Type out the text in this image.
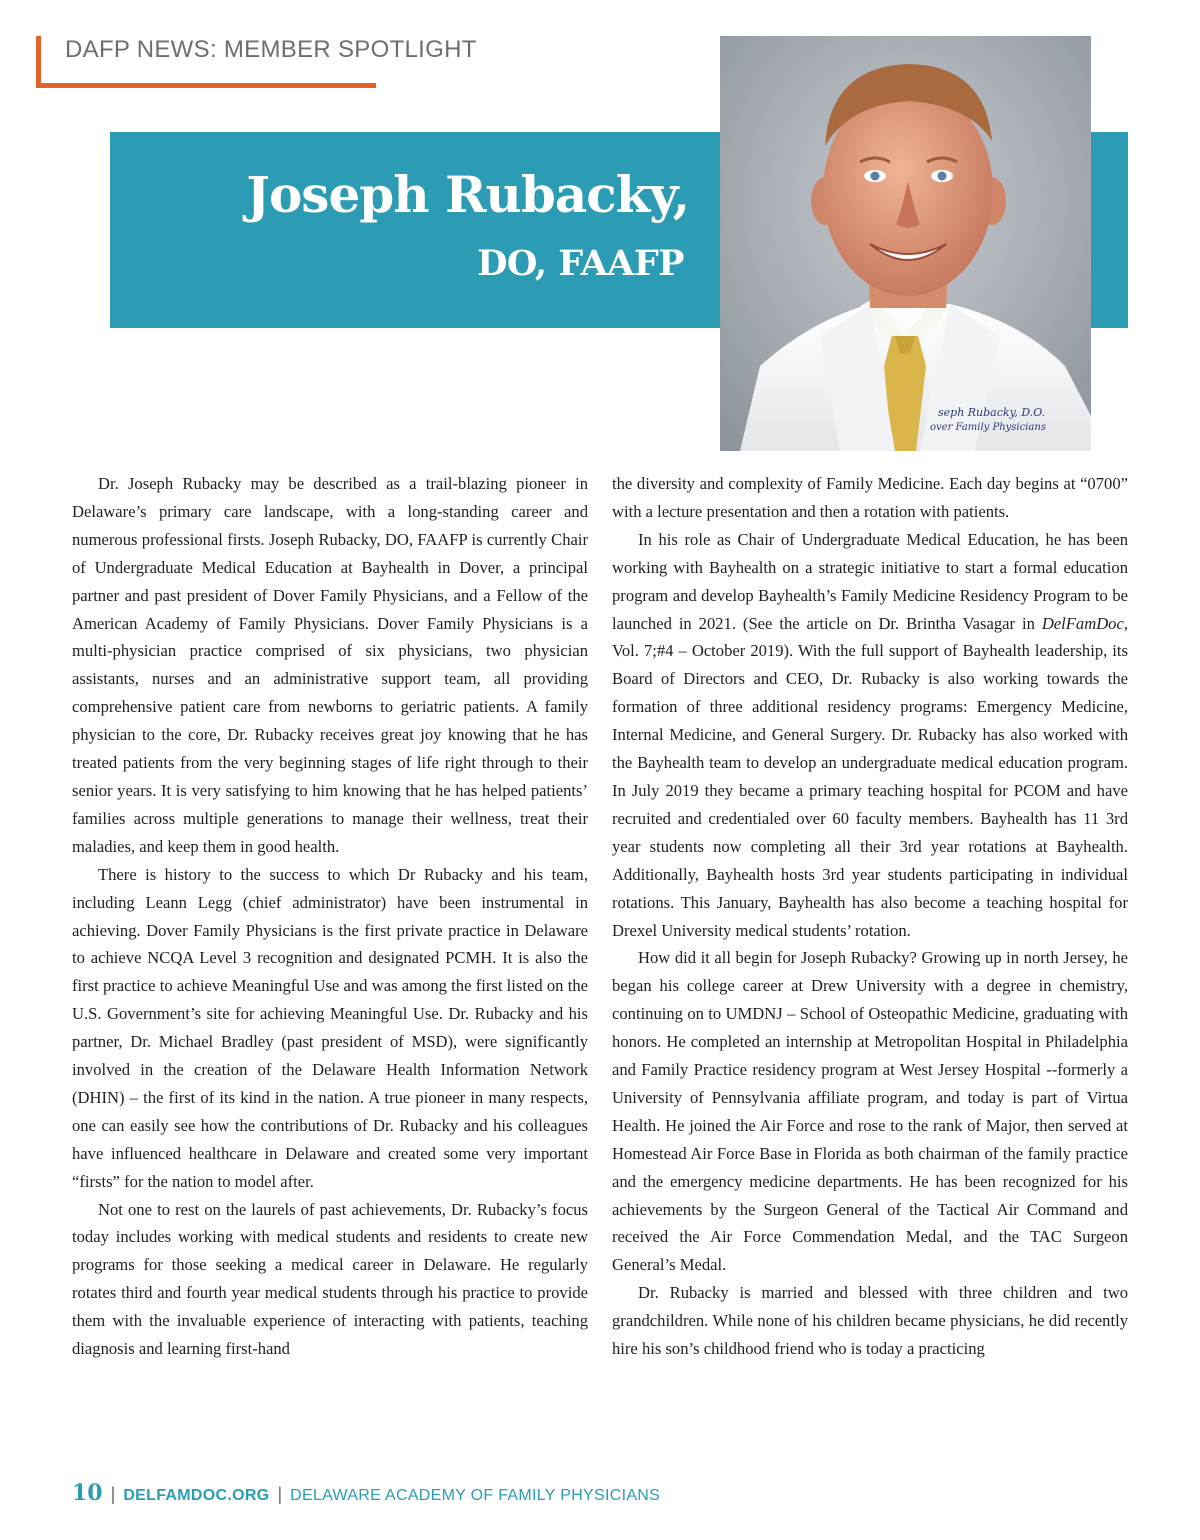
DAFP NEWS: MEMBER SPOTLIGHT
Joseph Rubacky,
DO, FAAFP
seph Rubacky, D.O.
over Family Physicians

Dr. Joseph Rubacky may be described as a trail-blazing pioneer in Delaware’s primary care landscape, with a long-standing career and numerous professional firsts. Joseph Rubacky, DO, FAAFP is currently Chair of Undergraduate Medical Education at Bayhealth in Dover, a principal partner and past president of Dover Family Physicians, and a Fellow of the American Academy of Family Physicians. Dover Family Physicians is a multi-physician practice comprised of six physicians, two physician assistants, nurses and an administrative support team, all providing comprehensive patient care from newborns to geriatric patients. A family physician to the core, Dr. Rubacky receives great joy knowing that he has treated patients from the very beginning stages of life right through to their senior years. It is very satisfying to him knowing that he has helped patients’ families across multiple generations to manage their wellness, treat their maladies, and keep them in good health.

There is history to the success to which Dr Rubacky and his team, including Leann Legg (chief administrator) have been instrumental in achieving. Dover Family Physicians is the first private practice in Delaware to achieve NCQA Level 3 recognition and designated PCMH. It is also the first practice to achieve Meaningful Use and was among the first listed on the U.S. Government’s site for achieving Meaningful Use. Dr. Rubacky and his partner, Dr. Michael Bradley (past president of MSD), were significantly involved in the creation of the Delaware Health Information Network (DHIN) – the first of its kind in the nation. A true pioneer in many respects, one can easily see how the contributions of Dr. Rubacky and his colleagues have influenced healthcare in Delaware and created some very important “firsts” for the nation to model after.

Not one to rest on the laurels of past achievements, Dr. Rubacky’s focus today includes working with medical students and residents to create new programs for those seeking a medical career in Delaware. He regularly rotates third and fourth year medical students through his practice to provide them with the invaluable experience of interacting with patients, teaching diagnosis and learning first-hand

the diversity and complexity of Family Medicine. Each day begins at “0700” with a lecture presentation and then a rotation with patients.

In his role as Chair of Undergraduate Medical Education, he has been working with Bayhealth on a strategic initiative to start a formal education program and develop Bayhealth’s Family Medicine Residency Program to be launched in 2021. (See the article on Dr. Brintha Vasagar in DelFamDoc, Vol. 7;#4 – October 2019). With the full support of Bayhealth leadership, its Board of Directors and CEO, Dr. Rubacky is also working towards the formation of three additional residency programs: Emergency Medicine, Internal Medicine, and General Surgery. Dr. Rubacky has also worked with the Bayhealth team to develop an undergraduate medical education program. In July 2019 they became a primary teaching hospital for PCOM and have recruited and credentialed over 60 faculty members. Bayhealth has 11 3rd year students now completing all their 3rd year rotations at Bayhealth. Additionally, Bayhealth hosts 3rd year students participating in individual rotations. This January, Bayhealth has also become a teaching hospital for Drexel University medical students’ rotation.

How did it all begin for Joseph Rubacky? Growing up in north Jersey, he began his college career at Drew University with a degree in chemistry, continuing on to UMDNJ – School of Osteopathic Medicine, graduating with honors. He completed an internship at Metropolitan Hospital in Philadelphia and Family Practice residency program at West Jersey Hospital --formerly a University of Pennsylvania affiliate program, and today is part of Virtua Health. He joined the Air Force and rose to the rank of Major, then served at Homestead Air Force Base in Florida as both chairman of the family practice and the emergency medicine departments. He has been recognized for his achievements by the Surgeon General of the Tactical Air Command and received the Air Force Commendation Medal, and the TAC Surgeon General’s Medal.

Dr. Rubacky is married and blessed with three children and two grandchildren. While none of his children became physicians, he did recently hire his son’s childhood friend who is today a practicing

10 | DELFAMDOC.ORG | DELAWARE ACADEMY OF FAMILY PHYSICIANS
